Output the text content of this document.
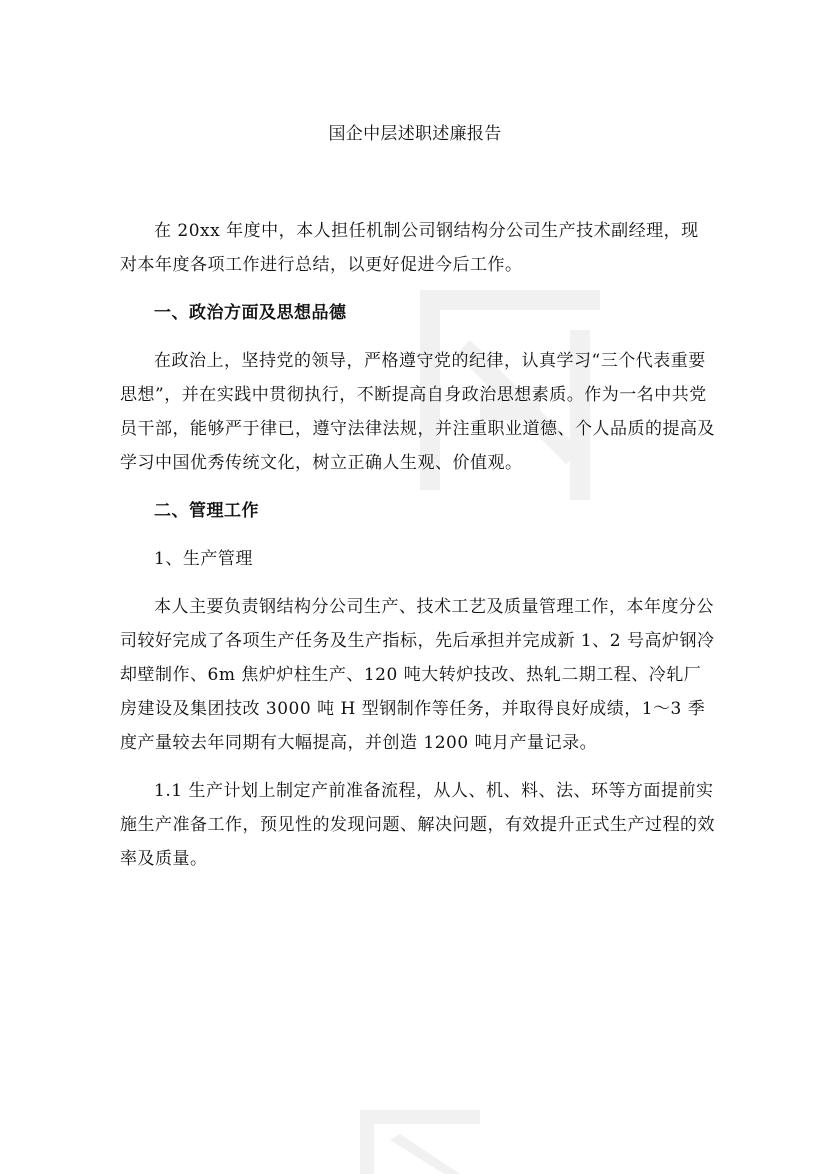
国企中层述职述廉报告

在 20xx 年度中，本人担任机制公司钢结构分公司生产技术副经理，现对本年度各项工作进行总结，以更好促进今后工作。

一、政治方面及思想品德

在政治上，坚持党的领导，严格遵守党的纪律，认真学习“三个代表重要思想”，并在实践中贯彻执行，不断提高自身政治思想素质。作为一名中共党员干部，能够严于律已，遵守法律法规，并注重职业道德、个人品质的提高及学习中国优秀传统文化，树立正确人生观、价值观。

二、管理工作

1、生产管理

本人主要负责钢结构分公司生产、技术工艺及质量管理工作，本年度分公司较好完成了各项生产任务及生产指标，先后承担并完成新 1、2 号高炉钢冷却壁制作、6m 焦炉炉柱生产、120 吨大转炉技改、热轧二期工程、冷轧厂房建设及集团技改 3000 吨 H 型钢制作等任务，并取得良好成绩，1～3 季度产量较去年同期有大幅提高，并创造 1200 吨月产量记录。

1.1 生产计划上制定产前准备流程，从人、机、料、法、环等方面提前实施生产准备工作，预见性的发现问题、解决问题，有效提升正式生产过程的效率及质量。
